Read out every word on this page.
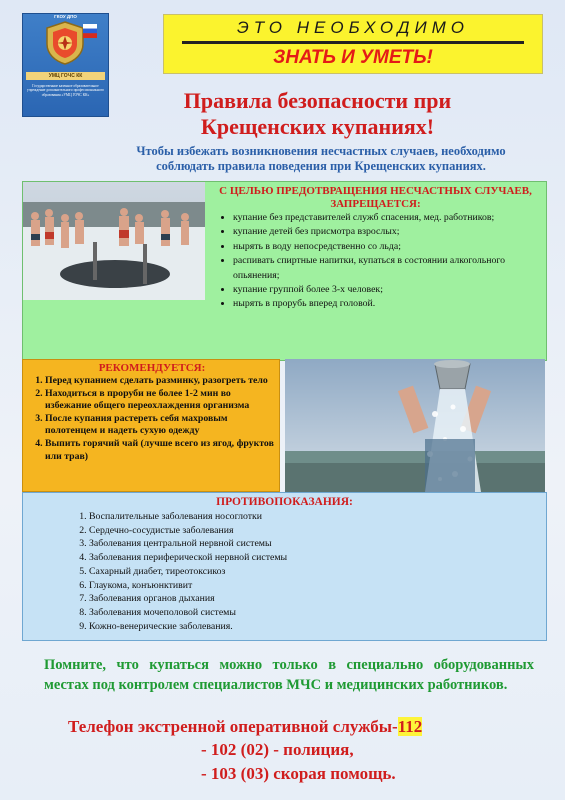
УМЦ ГОЧС КК
ГКОУ ДПО
Государственное казенное образовательное учреждение дополнительного профессионального образования «УМЦ ГОЧС КК»
ЭТО НЕОБХОДИМО
ЗНАТЬ И УМЕТЬ!
Правила безопасности при
Крещенских купаниях!
Чтобы избежать возникновения несчастных случаев, необходимо
соблюдать правила поведения при Крещенских купаниях.
С ЦЕЛЬЮ ПРЕДОТВРАЩЕНИЯ НЕСЧАСТНЫХ СЛУЧАЕВ,
ЗАПРЕЩАЕТСЯ:
• купание без представителей служб спасения, мед. работников;
• купание детей без присмотра взрослых;
• нырять в воду непосредственно со льда;
• распивать спиртные напитки, купаться в состоянии алкогольного опьянения;
• купание группой более 3-х человек;
• нырять в прорубь вперед головой.
РЕКОМЕНДУЕТСЯ:
1. Перед купанием сделать разминку, разогреть тело
2. Находиться в проруби не более 1-2 мин во избежание общего переохлаждения организма
3. После купания растереть себя махровым полотенцем и надеть сухую одежду
4. Выпить горячий чай (лучше всего из ягод, фруктов или трав)
ПРОТИВОПОКАЗАНИЯ:
1. Воспалительные заболевания носоглотки
2. Сердечно-сосудистые заболевания
3. Заболевания центральной нервной системы
4. Заболевания периферической нервной системы
5. Сахарный диабет, тиреотоксикоз
6. Глаукома, конъюнктивит
7. Заболевания органов дыхания
8. Заболевания мочеполовой системы
9. Кожно-венерические заболевания.
Помните, что купаться можно только в специально оборудованных местах под контролем специалистов МЧС и медицинских работников.
Телефон экстренной оперативной службы-112
- 102 (02) - полиция,
- 103 (03) скорая помощь.
